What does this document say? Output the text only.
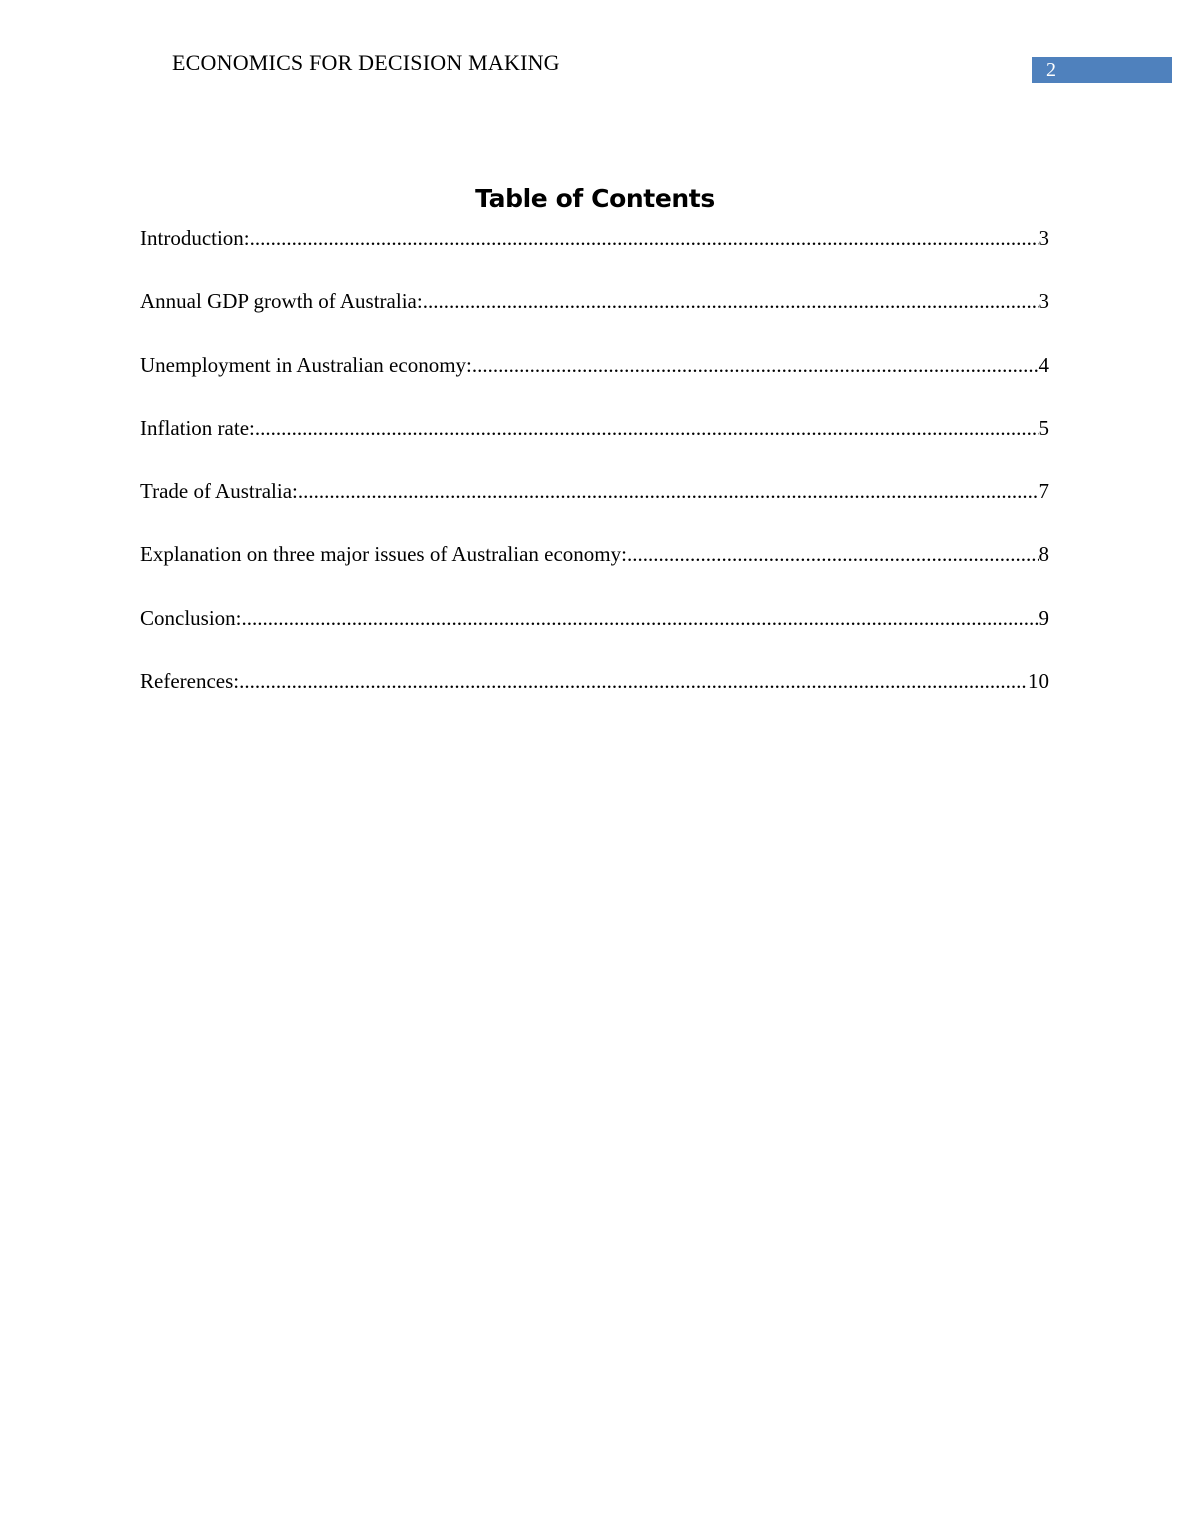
ECONOMICS FOR DECISION MAKING	2
Table of Contents
Introduction: .....	3
Annual GDP growth of Australia: .....	3
Unemployment in Australian economy: .....	4
Inflation rate: .....	5
Trade of Australia: .....	7
Explanation on three major issues of Australian economy: .....	8
Conclusion: .....	9
References: .....	10
